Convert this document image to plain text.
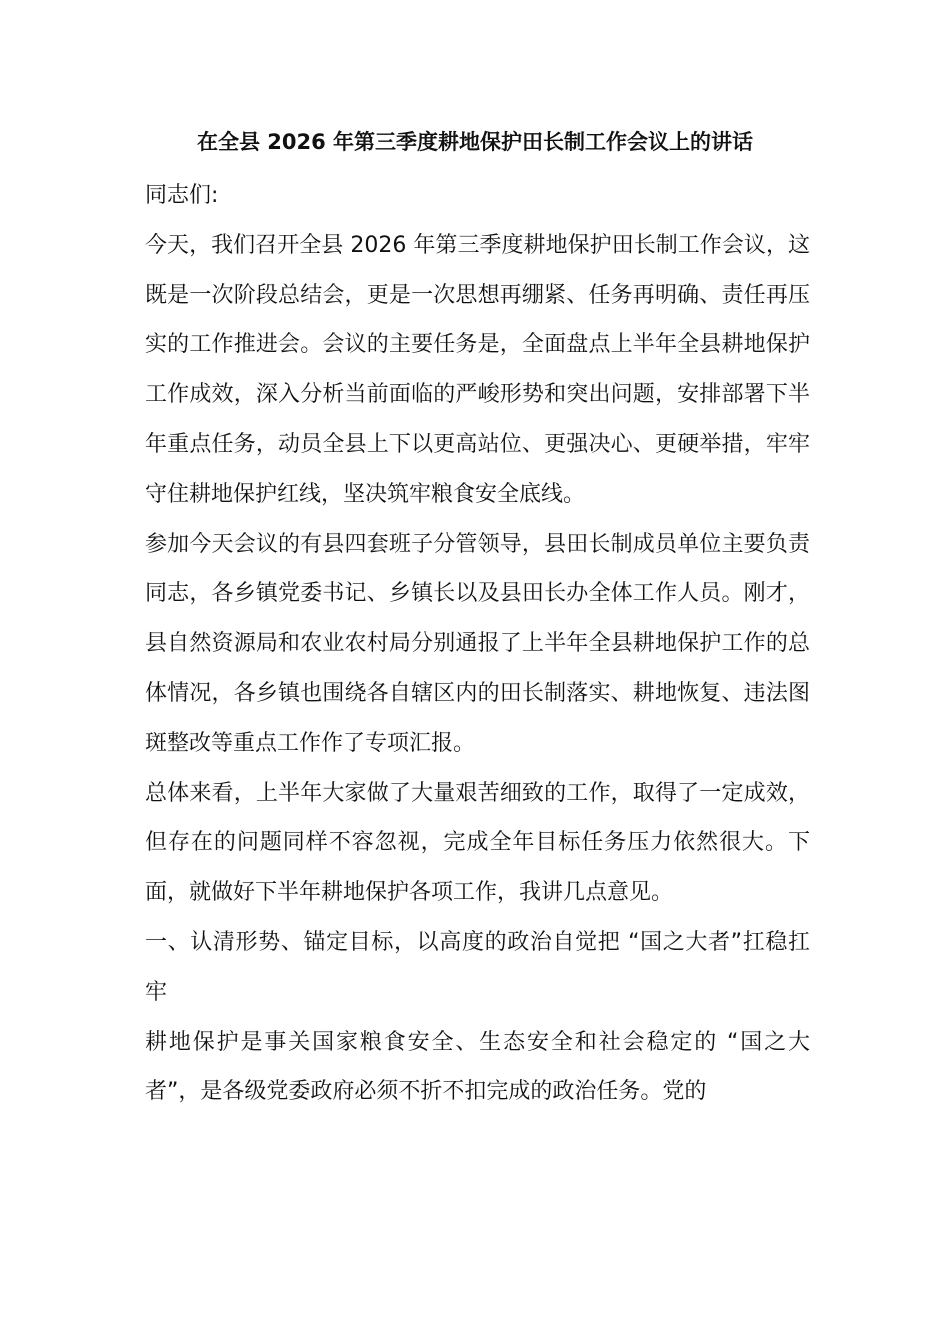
在全县 2026 年第三季度耕地保护田长制工作会议上的讲话

同志们:

今天，我们召开全县 2026 年第三季度耕地保护田长制工作会议，这既是一次阶段总结会，更是一次思想再绷紧、任务再明确、责任再压实的工作推进会。会议的主要任务是，全面盘点上半年全县耕地保护工作成效，深入分析当前面临的严峻形势和突出问题，安排部署下半年重点任务，动员全县上下以更高站位、更强决心、更硬举措，牢牢守住耕地保护红线，坚决筑牢粮食安全底线。

参加今天会议的有县四套班子分管领导，县田长制成员单位主要负责同志，各乡镇党委书记、乡镇长以及县田长办全体工作人员。刚才，县自然资源局和农业农村局分别通报了上半年全县耕地保护工作的总体情况，各乡镇也围绕各自辖区内的田长制落实、耕地恢复、违法图斑整改等重点工作作了专项汇报。

总体来看，上半年大家做了大量艰苦细致的工作，取得了一定成效，但存在的问题同样不容忽视，完成全年目标任务压力依然很大。下面，就做好下半年耕地保护各项工作，我讲几点意见。

一、认清形势、锚定目标，以高度的政治自觉把 “国之大者”扛稳扛牢

耕地保护是事关国家粮食安全、生态安全和社会稳定的 “国之大者”，是各级党委政府必须不折不扣完成的政治任务。党的
